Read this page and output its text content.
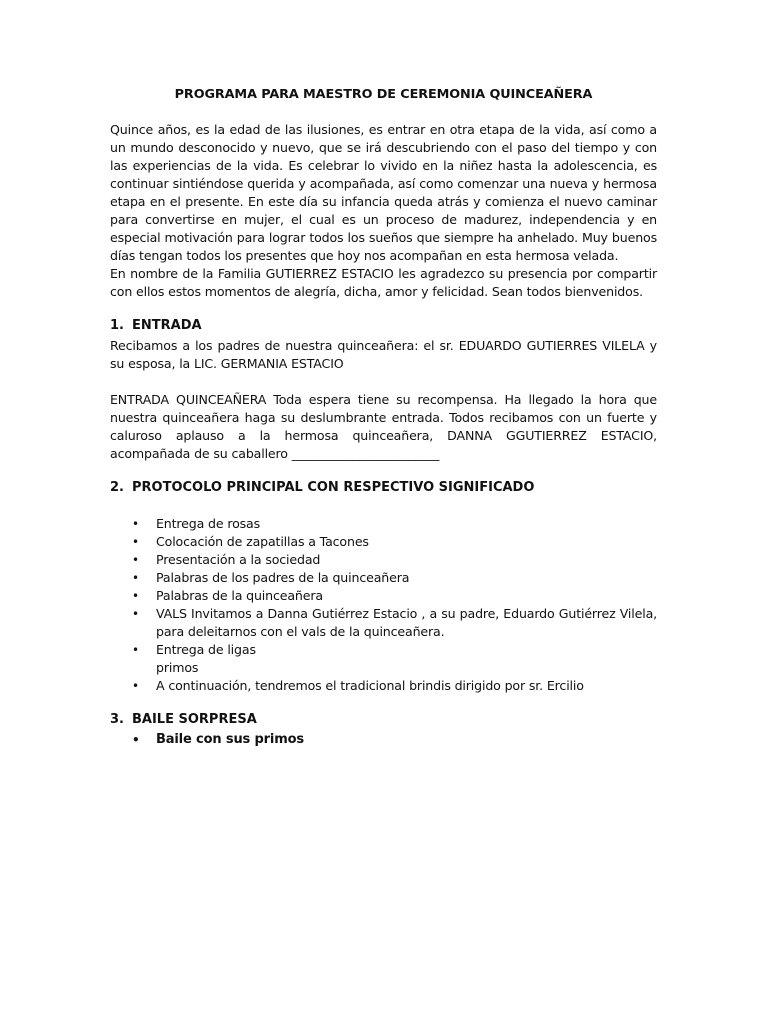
PROGRAMA PARA MAESTRO DE CEREMONIA QUINCEAÑERA

Quince años, es la edad de las ilusiones, es entrar en otra etapa de la vida, así como a un mundo desconocido y nuevo, que se irá descubriendo con el paso del tiempo y con las experiencias de la vida. Es celebrar lo vivido en la niñez hasta la adolescencia, es continuar sintiéndose querida y acompañada, así como comenzar una nueva y hermosa etapa en el presente. En este día su infancia queda atrás y comienza el nuevo caminar para convertirse en mujer, el cual es un proceso de madurez, independencia y en especial motivación para lograr todos los sueños que siempre ha anhelado. Muy buenos días tengan todos los presentes que hoy nos acompañan en esta hermosa velada.

En nombre de la Familia GUTIERREZ ESTACIO les agradezco su presencia por compartir con ellos estos momentos de alegría, dicha, amor y felicidad. Sean todos bienvenidos.

1. ENTRADA

Recibamos a los padres de nuestra quinceañera: el sr. EDUARDO GUTIERRES VILELA y su esposa, la LIC. GERMANIA ESTACIO

ENTRADA QUINCEAÑERA Toda espera tiene su recompensa. Ha llegado la hora que nuestra quinceañera haga su deslumbrante entrada. Todos recibamos con un fuerte y caluroso aplauso a la hermosa quinceañera, DANNA GGUTIERREZ ESTACIO, acompañada de su caballero ________________________

2. PROTOCOLO PRINCIPAL CON RESPECTIVO SIGNIFICADO
• Entrega de rosas
• Colocación de zapatillas a Tacones
• Presentación a la sociedad
• Palabras de los padres de la quinceañera
• Palabras de la quinceañera
• VALS Invitamos a Danna Gutiérrez Estacio , a su padre, Eduardo Gutiérrez Vilela, para deleitarnos con el vals de la quinceañera.
• Entrega de ligas
primos
• A continuación, tendremos el tradicional brindis dirigido por sr. Ercilio
3. BAILE SORPRESA
• Baile con sus primos
